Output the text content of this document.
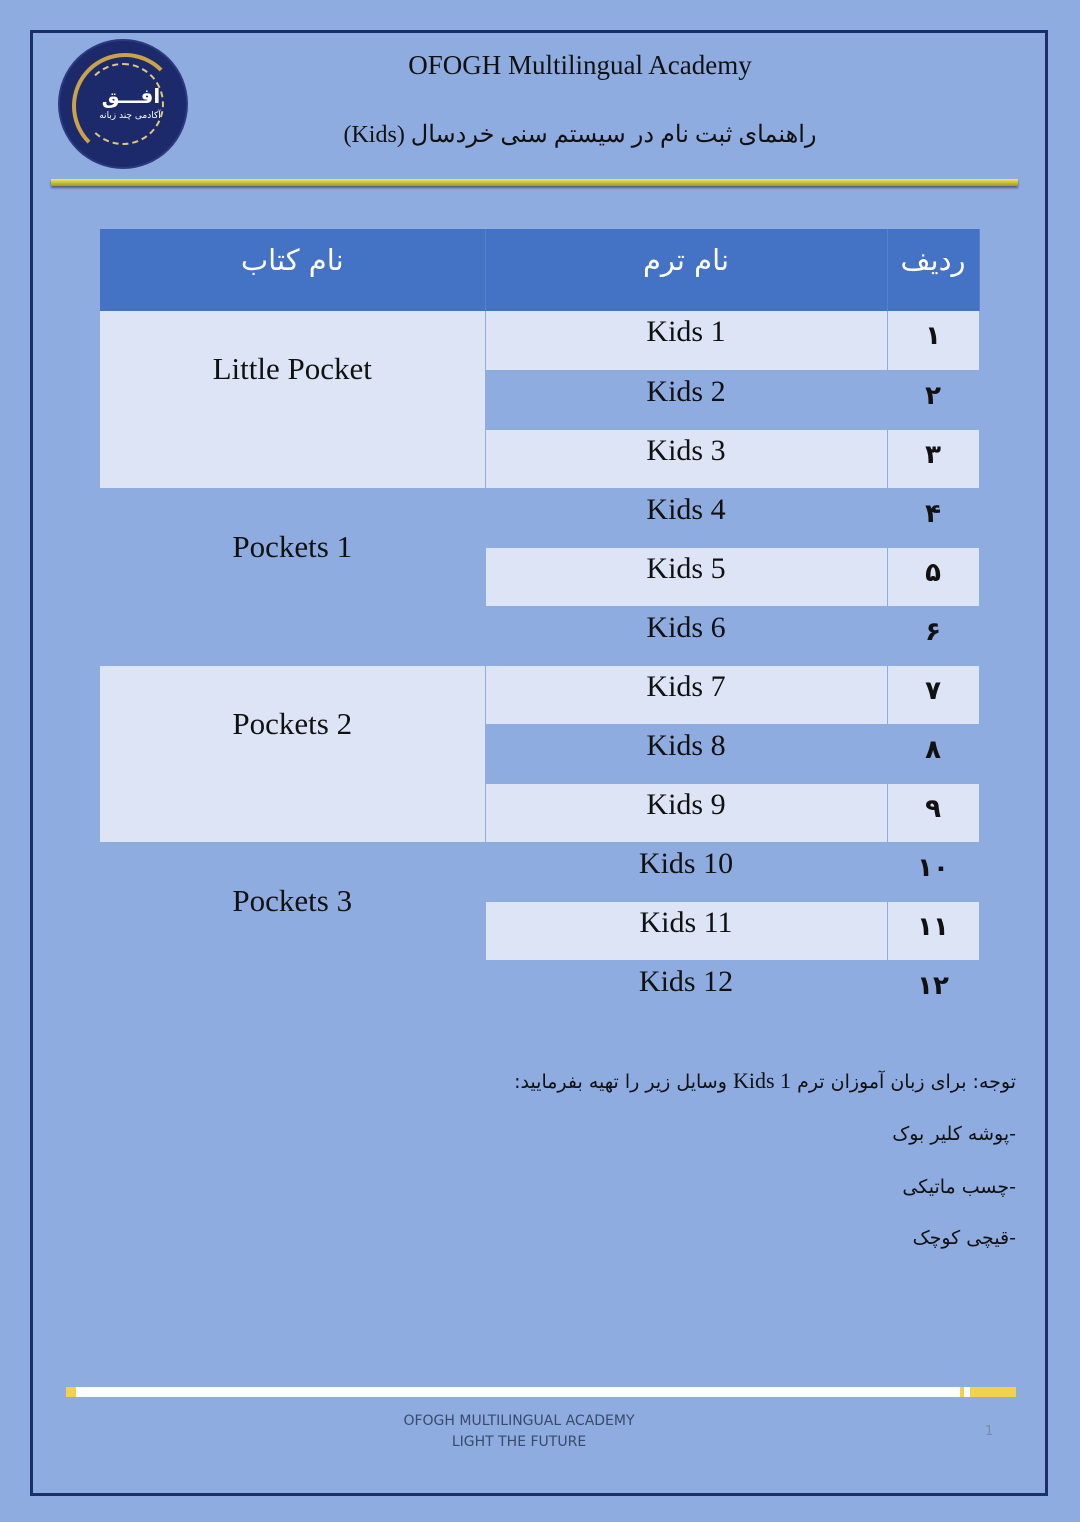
افـــق
آکادمی چند زبانه
OFOGH Multilingual Academy
راهنمای ثبت نام در سیستم سنی خردسال (Kids)
نام کتاب	نام ترم	ردیف
Little Pocket	Kids 1	۱
	Kids 2	۲
	Kids 3	۳
Pockets 1	Kids 4	۴
	Kids 5	۵
	Kids 6	۶
Pockets 2	Kids 7	۷
	Kids 8	۸
	Kids 9	۹
Pockets 3	Kids 10	۱۰
	Kids 11	۱۱
	Kids 12	۱۲
توجه: برای زبان آموزان ترم Kids 1 وسایل زیر را تهیه بفرمایید:
-پوشه کلیر بوک
-چسب ماتیکی
-قیچی کوچک
OFOGH MULTILINGUAL ACADEMY
LIGHT THE FUTURE
1
